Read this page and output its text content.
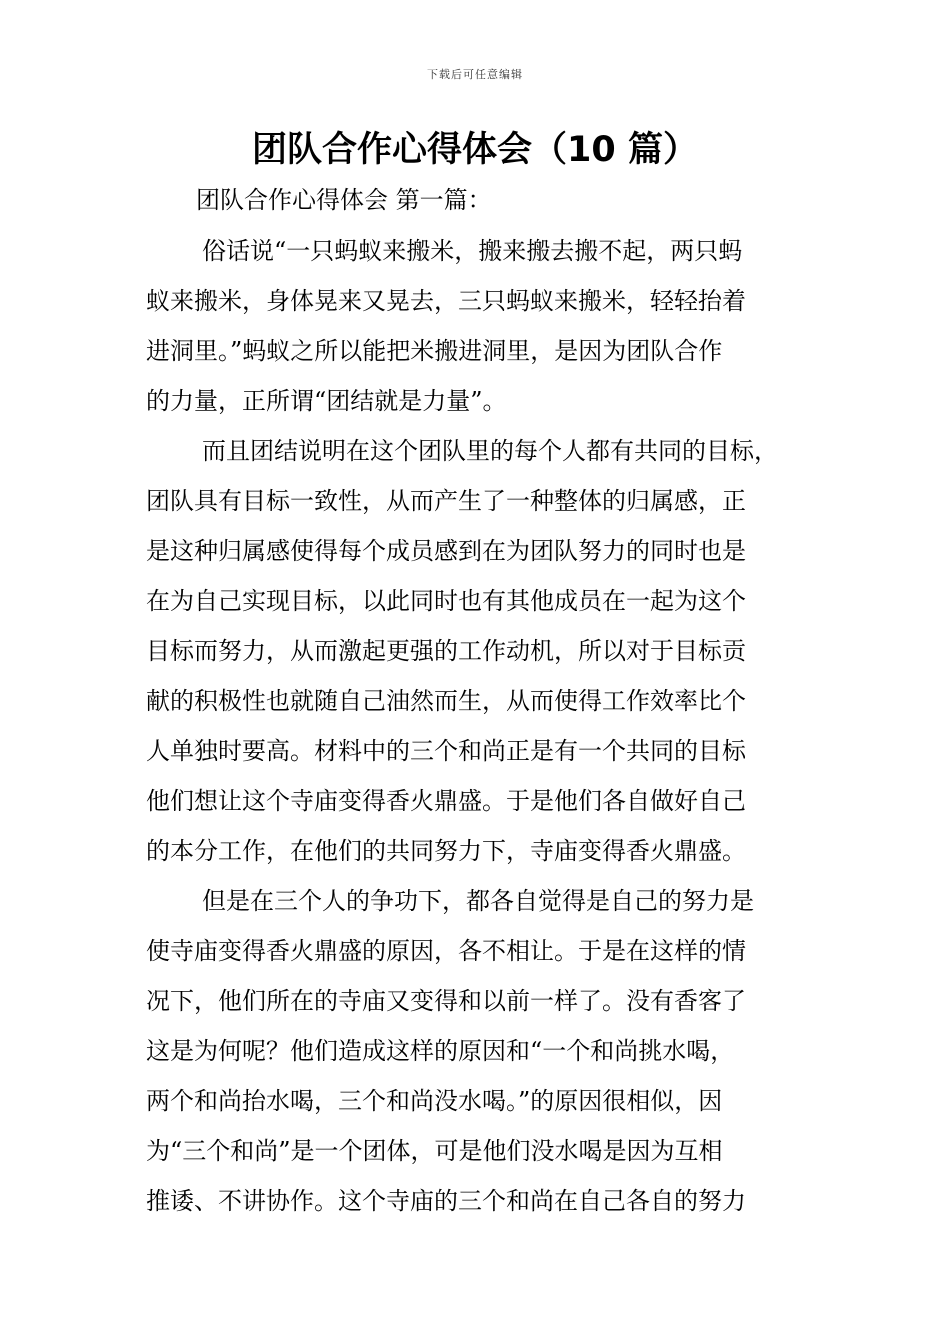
下载后可任意编辑
团队合作心得体会（10 篇）
团队合作心得体会 第一篇：
俗话说“一只蚂蚁来搬米，搬来搬去搬不起，两只蚂
蚁来搬米，身体晃来又晃去，三只蚂蚁来搬米，轻轻抬着
进洞里。”蚂蚁之所以能把米搬进洞里，是因为团队合作
的力量，正所谓“团结就是力量”。
而且团结说明在这个团队里的每个人都有共同的目标，
团队具有目标一致性，从而产生了一种整体的归属感，正
是这种归属感使得每个成员感到在为团队努力的同时也是
在为自己实现目标，以此同时也有其他成员在一起为这个
目标而努力，从而激起更强的工作动机，所以对于目标贡
献的积极性也就随自己油然而生，从而使得工作效率比个
人单独时要高。材料中的三个和尚正是有一个共同的目标
他们想让这个寺庙变得香火鼎盛。于是他们各自做好自己
的本分工作，在他们的共同努力下，寺庙变得香火鼎盛。
但是在三个人的争功下，都各自觉得是自己的努力是
使寺庙变得香火鼎盛的原因，各不相让。于是在这样的情
况下，他们所在的寺庙又变得和以前一样了。没有香客了
这是为何呢？他们造成这样的原因和“一个和尚挑水喝，
两个和尚抬水喝，三个和尚没水喝。”的原因很相似，因
为“三个和尚”是一个团体，可是他们没水喝是因为互相
推诿、不讲协作。这个寺庙的三个和尚在自己各自的努力
